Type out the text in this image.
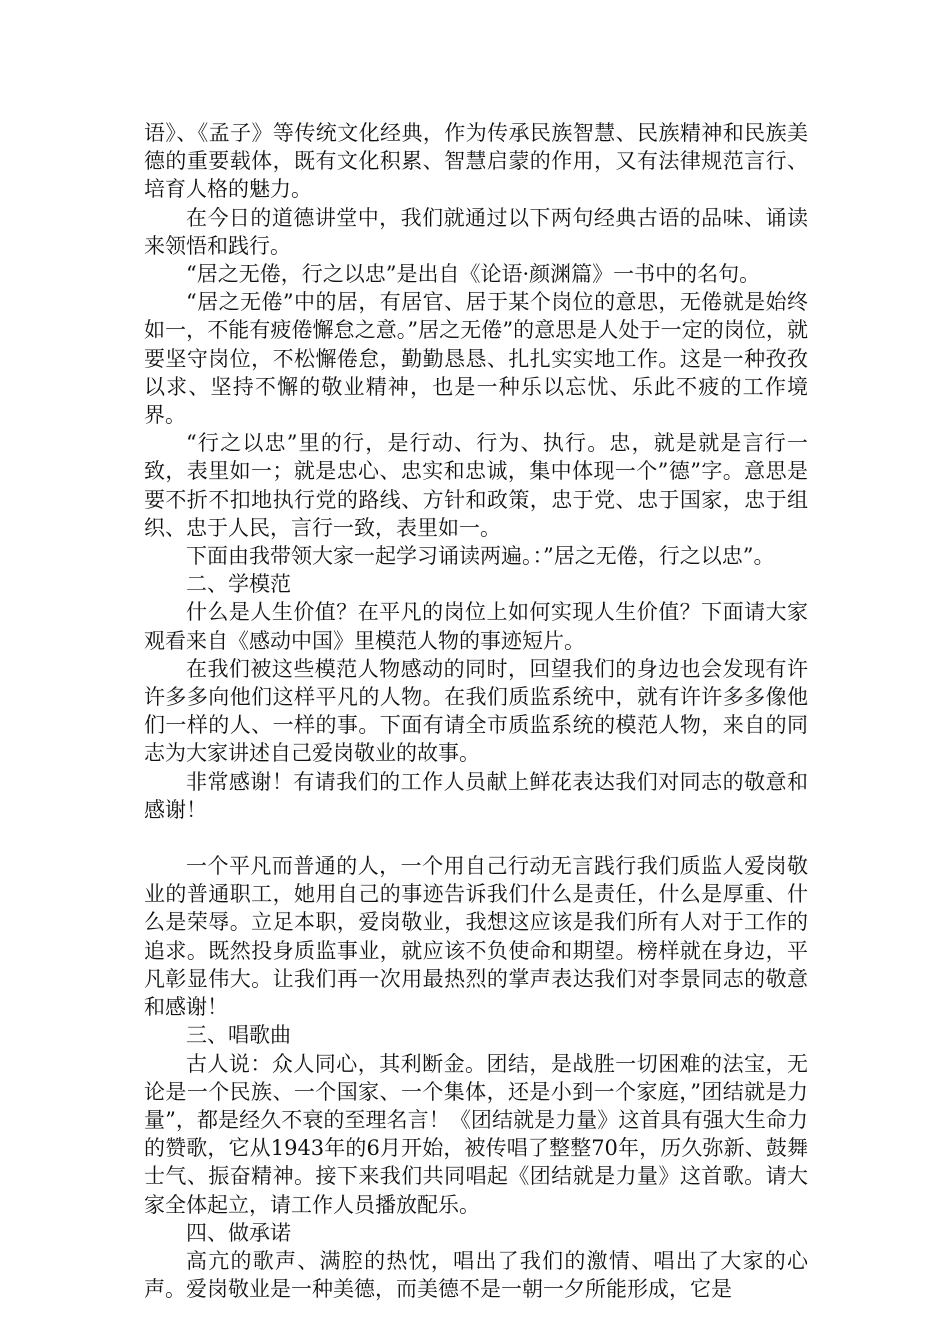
语》、《孟子》等传统文化经典，作为传承民族智慧、民族精神和民族美德的重要载体，既有文化积累、智慧启蒙的作用，又有法律规范言行、培育人格的魅力。

在今日的道德讲堂中，我们就通过以下两句经典古语的品味、诵读来领悟和践行。

“居之无倦，行之以忠”是出自《论语·颜渊篇》一书中的名句。

“居之无倦”中的居，有居官、居于某个岗位的意思，无倦就是始终如一，不能有疲倦懈怠之意。”居之无倦”的意思是人处于一定的岗位，就要坚守岗位，不松懈倦怠，勤勤恳恳、扎扎实实地工作。这是一种孜孜以求、坚持不懈的敬业精神，也是一种乐以忘忧、乐此不疲的工作境界。

“行之以忠”里的行，是行动、行为、执行。忠，就是就是言行一致，表里如一；就是忠心、忠实和忠诚，集中体现一个”德”字。意思是要不折不扣地执行党的路线、方针和政策，忠于党、忠于国家，忠于组织、忠于人民，言行一致，表里如一。

下面由我带领大家一起学习诵读两遍。：”居之无倦，行之以忠”。

二、学模范

什么是人生价值？在平凡的岗位上如何实现人生价值？下面请大家观看来自《感动中国》里模范人物的事迹短片。

在我们被这些模范人物感动的同时，回望我们的身边也会发现有许许多多向他们这样平凡的人物。在我们质监系统中，就有许许多多像他们一样的人、一样的事。下面有请全市质监系统的模范人物，来自的同志为大家讲述自己爱岗敬业的故事。

非常感谢！有请我们的工作人员献上鲜花表达我们对同志的敬意和感谢！

一个平凡而普通的人，一个用自己行动无言践行我们质监人爱岗敬业的普通职工，她用自己的事迹告诉我们什么是责任，什么是厚重、什么是荣辱。立足本职，爱岗敬业，我想这应该是我们所有人对于工作的追求。既然投身质监事业，就应该不负使命和期望。榜样就在身边，平凡彰显伟大。让我们再一次用最热烈的掌声表达我们对李景同志的敬意和感谢！

三、唱歌曲

古人说：众人同心，其利断金。团结，是战胜一切困难的法宝，无论是一个民族、一个国家、一个集体，还是小到一个家庭，”团结就是力量”，都是经久不衰的至理名言！《团结就是力量》这首具有强大生命力的赞歌，它从1943年的6月开始，被传唱了整整70年，历久弥新、鼓舞士气、振奋精神。接下来我们共同唱起《团结就是力量》这首歌。请大家全体起立，请工作人员播放配乐。

四、做承诺

高亢的歌声、满腔的热忱，唱出了我们的激情、唱出了大家的心声。爱岗敬业是一种美德，而美德不是一朝一夕所能形成，它是
